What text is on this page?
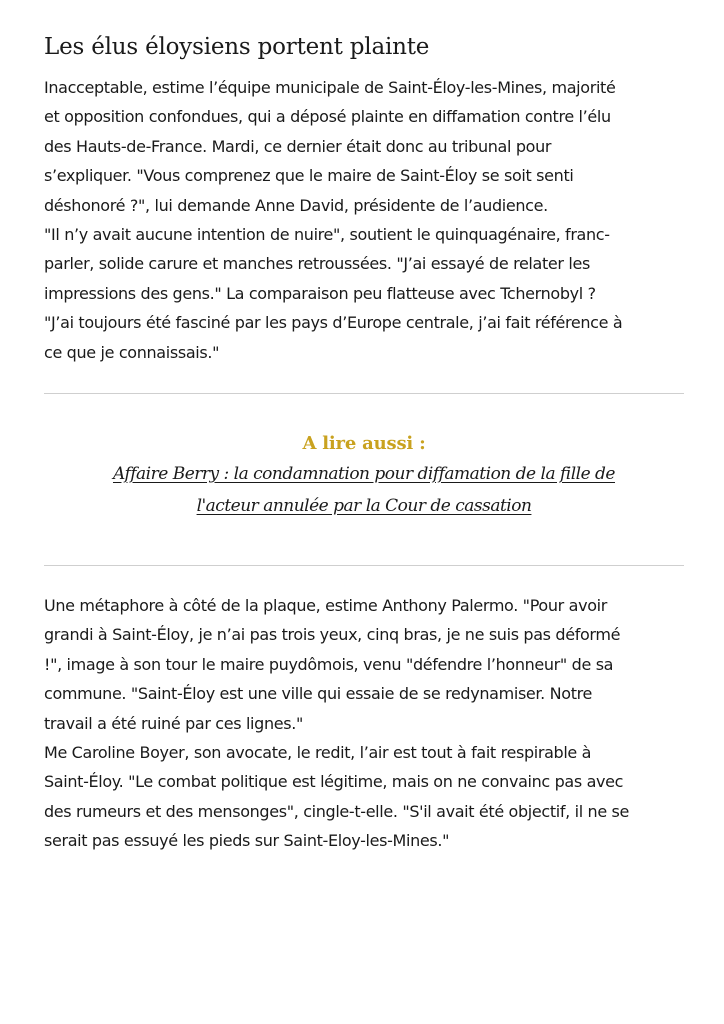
Les élus éloysiens portent plainte

Inacceptable, estime l’équipe municipale de Saint-Éloy-les-Mines, majorité
et opposition confondues, qui a déposé plainte en diffamation contre l’élu
des Hauts-de-France. Mardi, ce dernier était donc au tribunal pour
s’expliquer. "Vous comprenez que le maire de Saint-Éloy se soit senti
déshonoré ?", lui demande Anne David, présidente de l’audience.
"Il n’y avait aucune intention de nuire", soutient le quinquagénaire, franc-
parler, solide carure et manches retroussées. "J’ai essayé de relater les
impressions des gens." La comparaison peu flatteuse avec Tchernobyl ?
"J’ai toujours été fasciné par les pays d’Europe centrale, j’ai fait référence à
ce que je connaissais."

A lire aussi :
Affaire Berry : la condamnation pour diffamation de la fille de
l'acteur annulée par la Cour de cassation

Une métaphore à côté de la plaque, estime Anthony Palermo. "Pour avoir
grandi à Saint-Éloy, je n’ai pas trois yeux, cinq bras, je ne suis pas déformé
!", image à son tour le maire puydômois, venu "défendre l’honneur" de sa
commune. "Saint-Éloy est une ville qui essaie de se redynamiser. Notre
travail a été ruiné par ces lignes."
Me Caroline Boyer, son avocate, le redit, l’air est tout à fait respirable à
Saint-Éloy. "Le combat politique est légitime, mais on ne convainc pas avec
des rumeurs et des mensonges", cingle-t-elle. "S'il avait été objectif, il ne se
serait pas essuyé les pieds sur Saint-Eloy-les-Mines."
